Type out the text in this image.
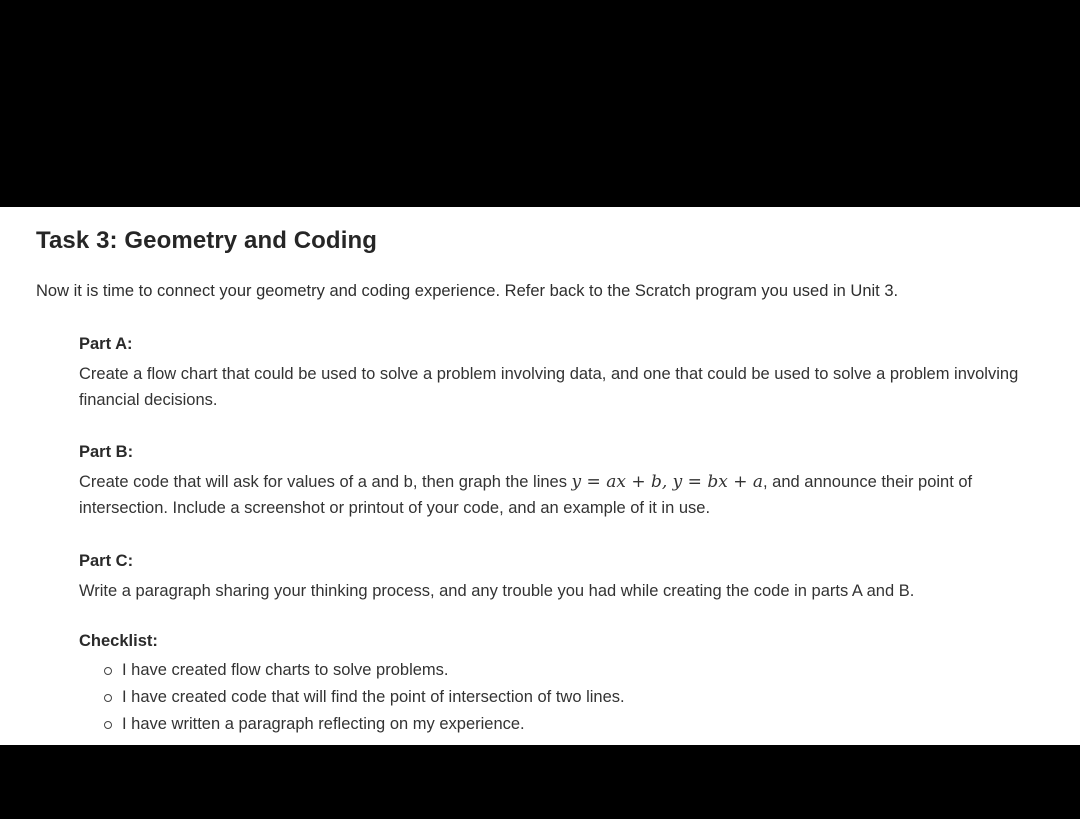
Task 3: Geometry and Coding

Now it is time to connect your geometry and coding experience. Refer back to the Scratch program you used in Unit 3.

Part A:

Create a flow chart that could be used to solve a problem involving data, and one that could be used to solve a problem involving financial decisions.

Part B:

Create code that will ask for values of a and b, then graph the lines y = ax + b, y = bx + a, and announce their point of intersection. Include a screenshot or printout of your code, and an example of it in use.

Part C:

Write a paragraph sharing your thinking process, and any trouble you had while creating the code in parts A and B.

Checklist:

I have created flow charts to solve problems.
I have created code that will find the point of intersection of two lines.
I have written a paragraph reflecting on my experience.
